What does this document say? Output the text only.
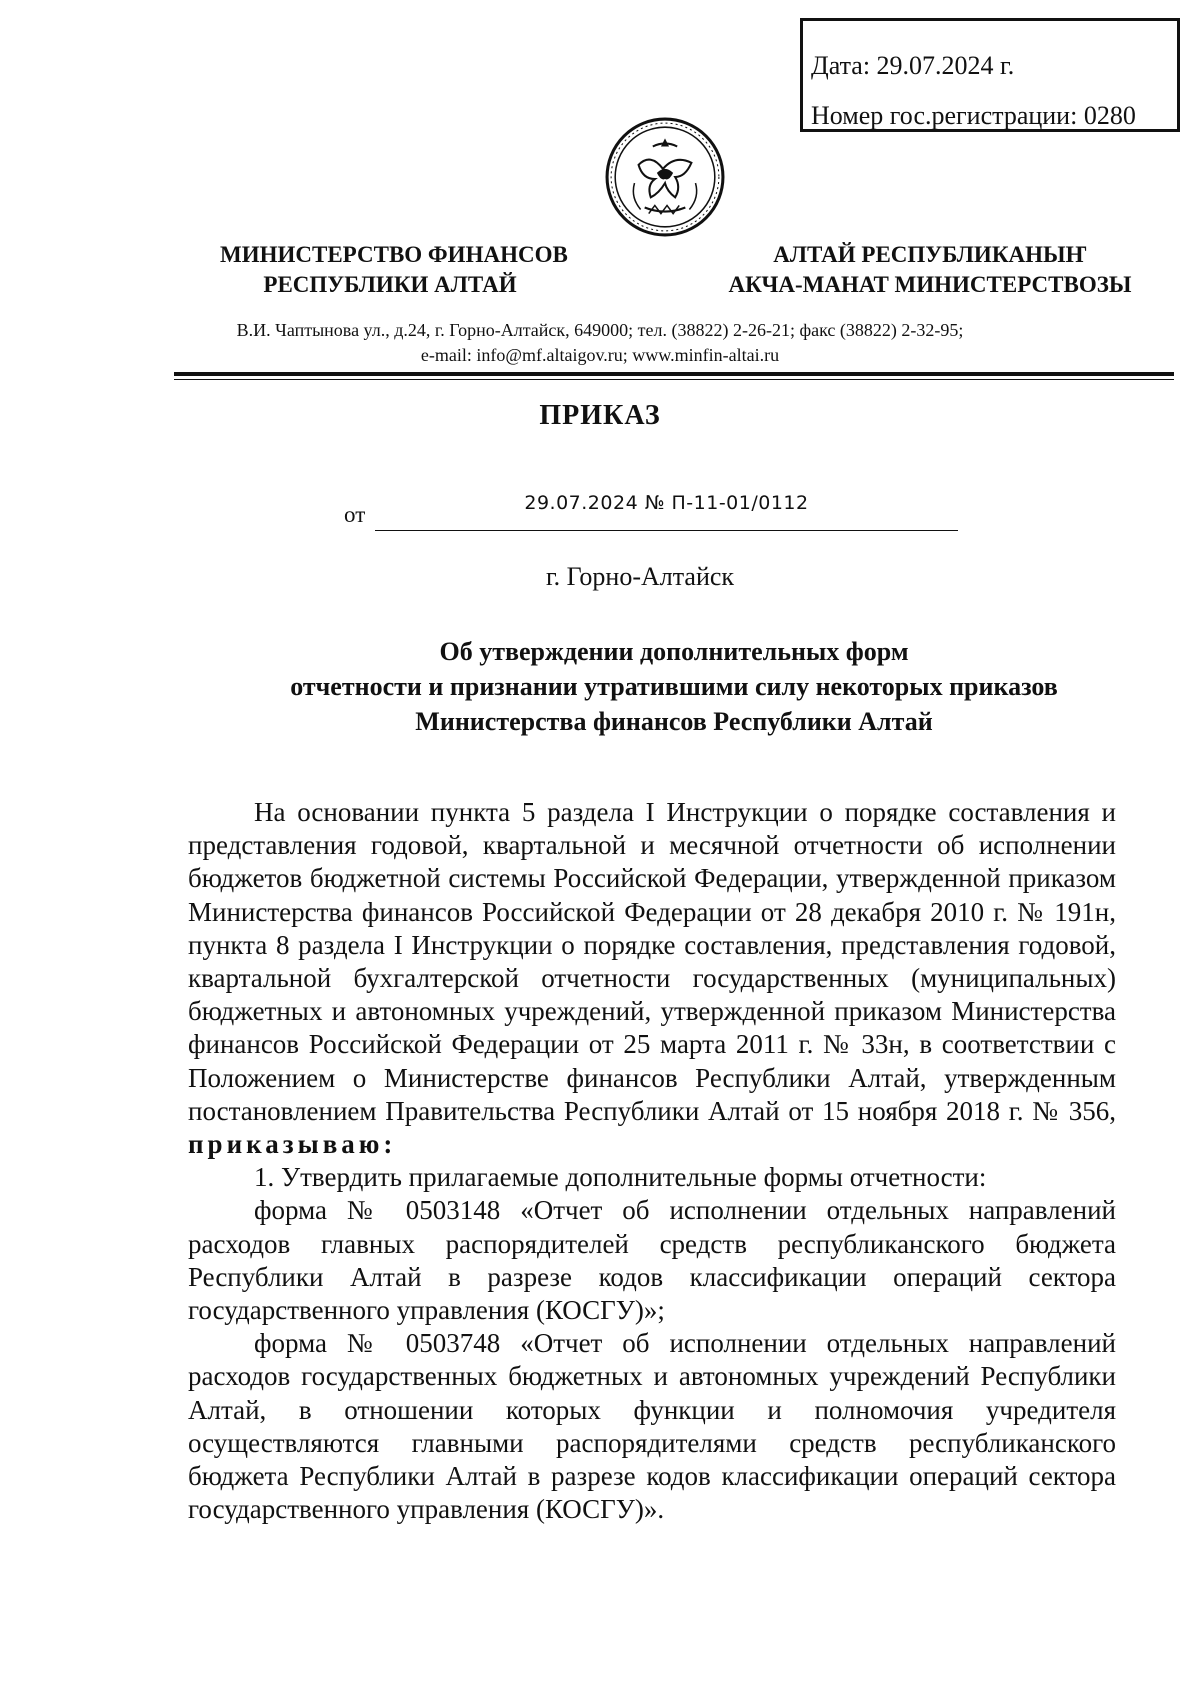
Дата: 29.07.2024 г.
Номер гос.регистрации: 0280
МИНИСТЕРСТВО ФИНАНСОВ
РЕСПУБЛИКИ АЛТАЙ
АЛТАЙ РЕСПУБЛИКАНЫҤ
АКЧА-МАНАТ МИНИСТЕРСТВОЗЫ
В.И. Чаптынова ул., д.24, г. Горно-Алтайск, 649000; тел. (38822) 2-26-21; факс (38822) 2-32-95;
e-mail: info@mf.altaigov.ru; www.minfin-altai.ru
ПРИКАЗ
от	29.07.2024 № П-11-01/0112
г. Горно-Алтайск
Об утверждении дополнительных форм
отчетности и признании утратившими силу некоторых приказов
Министерства финансов Республики Алтай

На основании пункта 5 раздела I Инструкции о порядке составления и представления годовой, квартальной и месячной отчетности об исполнении бюджетов бюджетной системы Российской Федерации, утвержденной приказом Министерства финансов Российской Федерации от 28 декабря 2010 г. № 191н, пункта 8 раздела I Инструкции о порядке составления, представления годовой, квартальной бухгалтерской отчетности государственных (муниципальных) бюджетных и автономных учреждений, утвержденной приказом Министерства финансов Российской Федерации от 25 марта 2011 г. № 33н, в соответствии с Положением о Министерстве финансов Республики Алтай, утвержденным постановлением Правительства Республики Алтай от 15 ноября 2018 г. № 356, приказываю:

1. Утвердить прилагаемые дополнительные формы отчетности:

форма № 0503148 «Отчет об исполнении отдельных направлений расходов главных распорядителей средств республиканского бюджета Республики Алтай в разрезе кодов классификации операций сектора государственного управления (КОСГУ)»;

форма № 0503748 «Отчет об исполнении отдельных направлений расходов государственных бюджетных и автономных учреждений Республики Алтай, в отношении которых функции и полномочия учредителя осуществляются главными распорядителями средств республиканского бюджета Республики Алтай в разрезе кодов классификации операций сектора государственного управления (КОСГУ)».
